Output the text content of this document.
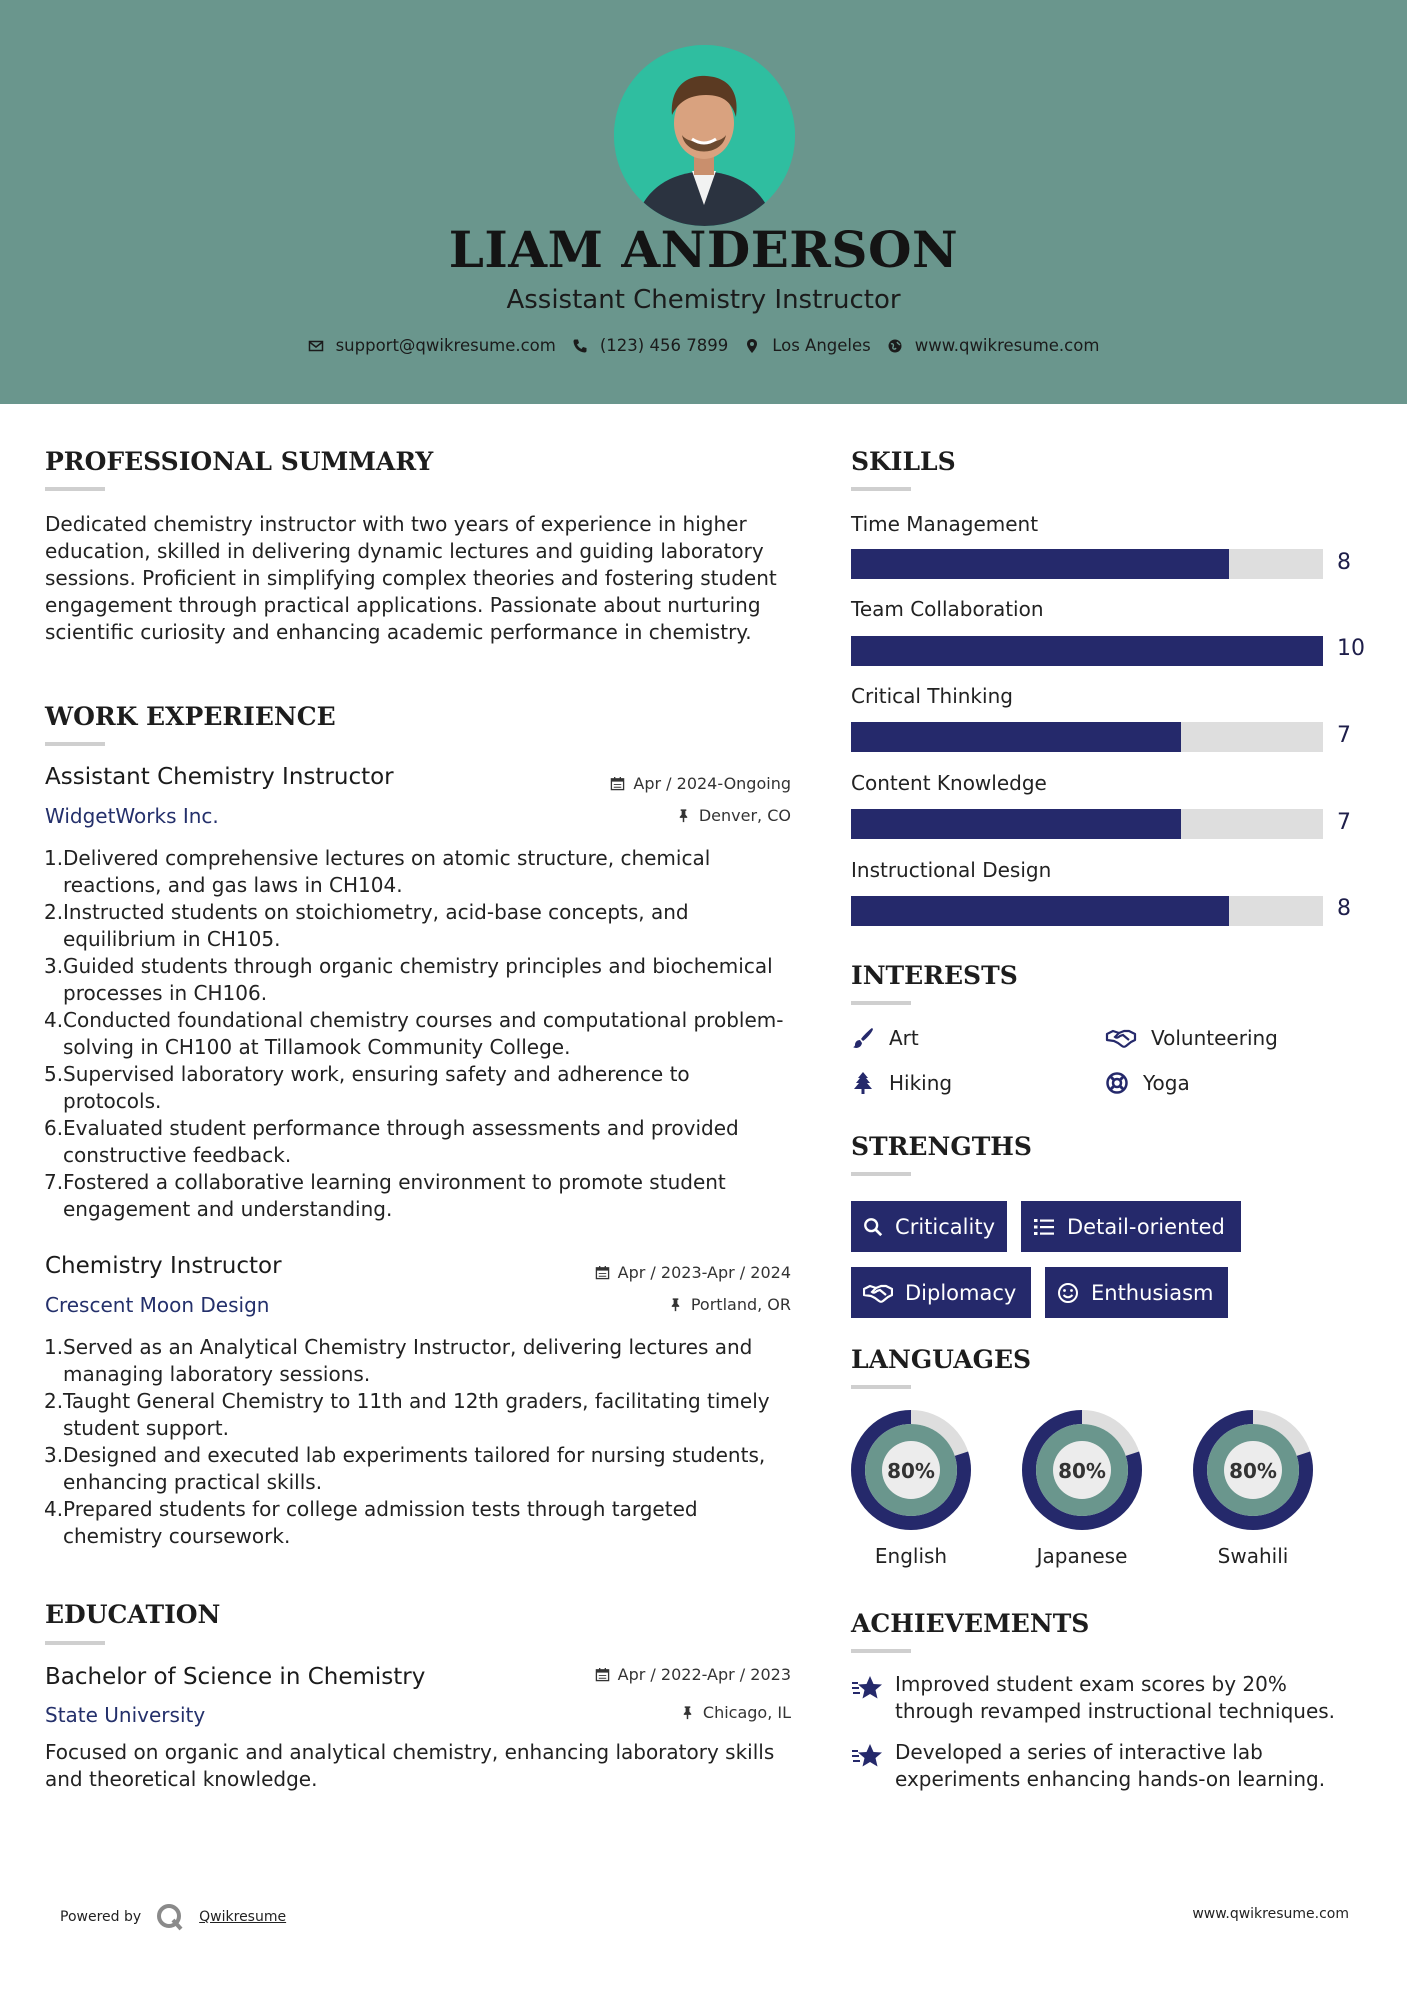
LIAM ANDERSON
Assistant Chemistry Instructor
support@qwikresume.com	(123) 456 7899	Los Angeles	www.qwikresume.com
PROFESSIONAL SUMMARY
Dedicated chemistry instructor with two years of experience in higher education, skilled in delivering dynamic lectures and guiding laboratory sessions. Proficient in simplifying complex theories and fostering student engagement through practical applications. Passionate about nurturing scientific curiosity and enhancing academic performance in chemistry.
WORK EXPERIENCE
Assistant Chemistry Instructor	Apr / 2024-Ongoing
WidgetWorks Inc.	Denver, CO
1. Delivered comprehensive lectures on atomic structure, chemical reactions, and gas laws in CH104.
2. Instructed students on stoichiometry, acid-base concepts, and equilibrium in CH105.
3. Guided students through organic chemistry principles and biochemical processes in CH106.
4. Conducted foundational chemistry courses and computational problem-solving in CH100 at Tillamook Community College.
5. Supervised laboratory work, ensuring safety and adherence to protocols.
6. Evaluated student performance through assessments and provided constructive feedback.
7. Fostered a collaborative learning environment to promote student engagement and understanding.
Chemistry Instructor	Apr / 2023-Apr / 2024
Crescent Moon Design	Portland, OR
1. Served as an Analytical Chemistry Instructor, delivering lectures and managing laboratory sessions.
2. Taught General Chemistry to 11th and 12th graders, facilitating timely student support.
3. Designed and executed lab experiments tailored for nursing students, enhancing practical skills.
4. Prepared students for college admission tests through targeted chemistry coursework.
EDUCATION
Bachelor of Science in Chemistry	Apr / 2022-Apr / 2023
State University	Chicago, IL
Focused on organic and analytical chemistry, enhancing laboratory skills and theoretical knowledge.
SKILLS
Time Management
8
Team Collaboration
10
Critical Thinking
7
Content Knowledge
7
Instructional Design
8
INTERESTS
Art	Volunteering
Hiking	Yoga
STRENGTHS
Criticality	Detail-oriented
Diplomacy	Enthusiasm
LANGUAGES
80%
English
80%
Japanese
80%
Swahili
ACHIEVEMENTS
Improved student exam scores by 20% through revamped instructional techniques.
Developed a series of interactive lab experiments enhancing hands-on learning.
Powered by	Qwikresume	www.qwikresume.com
